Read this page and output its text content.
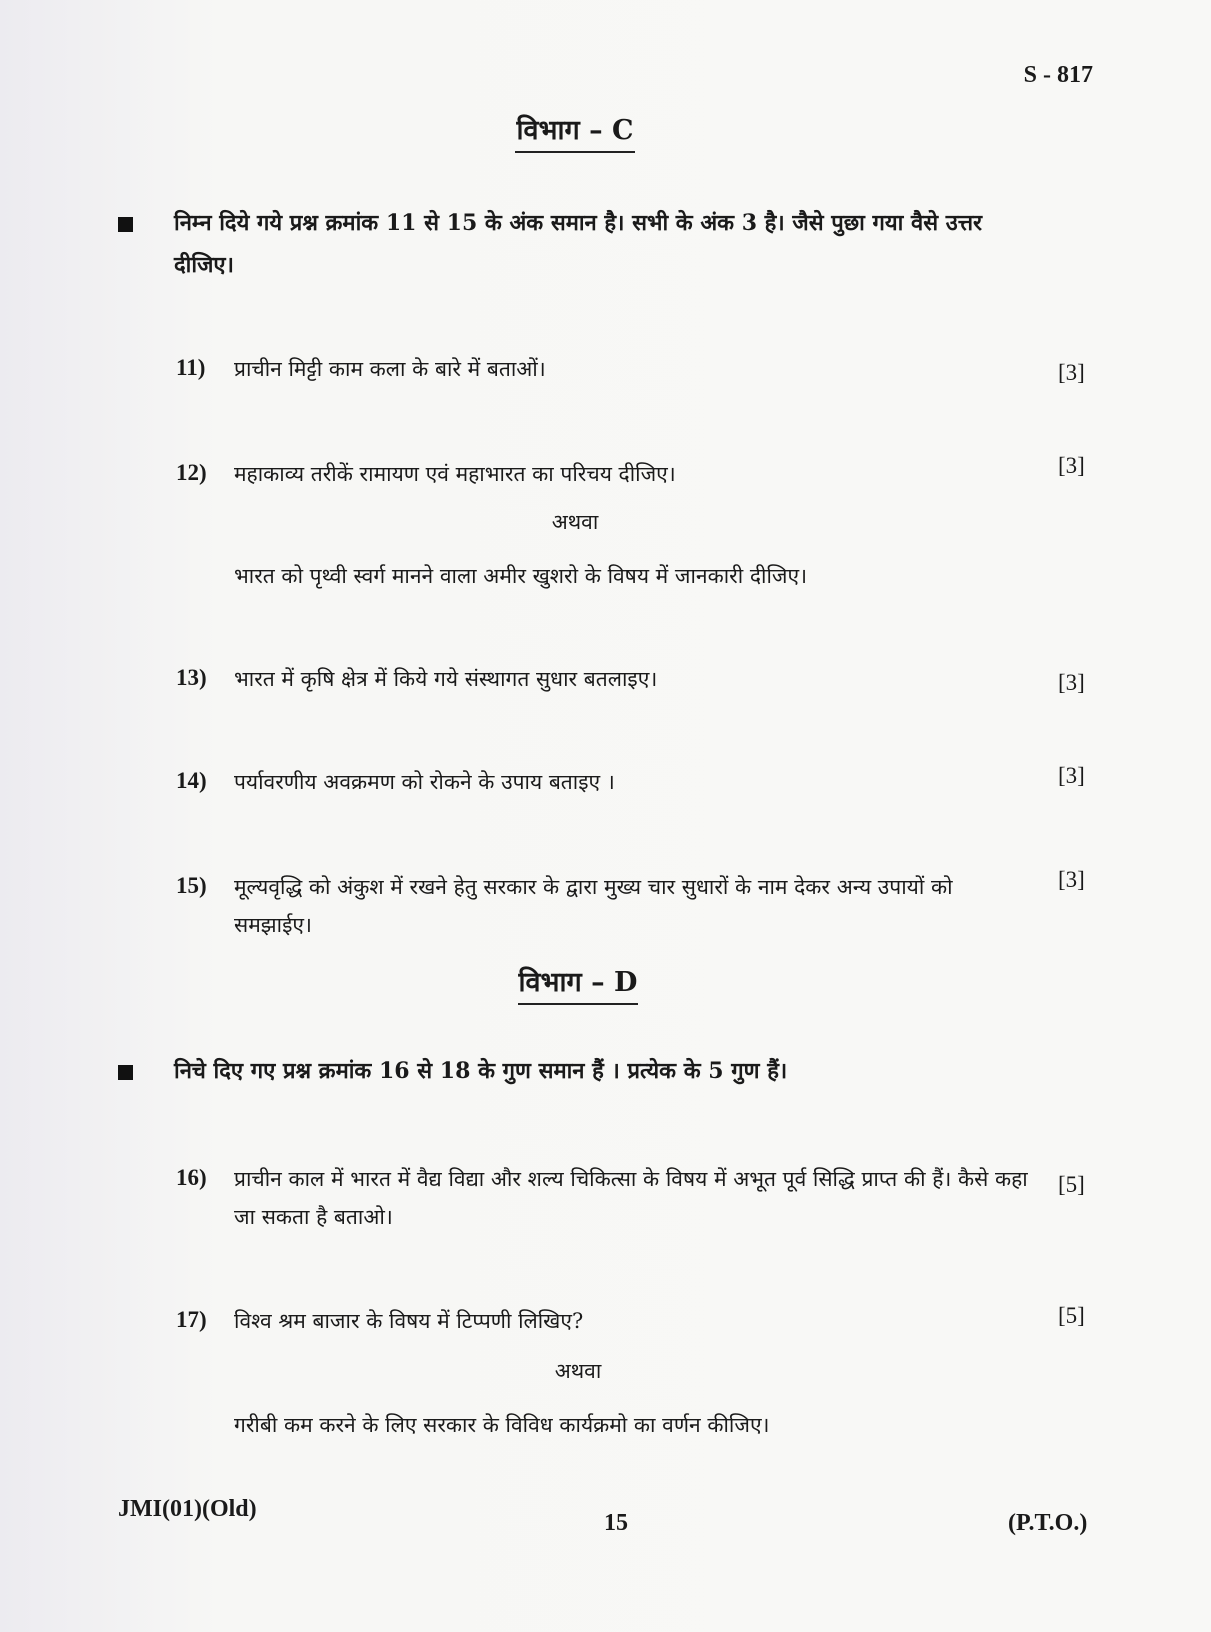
S - 817
विभाग – C
निम्न दिये गये प्रश्न क्रमांक 11 से 15 के अंक समान है। सभी के अंक 3 है। जैसे पुछा गया वैसे उत्तर दीजिए।
11) प्राचीन मिट्टी काम कला के बारे में बताओं।	[3]
12) महाकाव्य तरीकें रामायण एवं महाभारत का परिचय दीजिए।	[3]
अथवा
भारत को पृथ्वी स्वर्ग मानने वाला अमीर खुशरो के विषय में जानकारी दीजिए।
13) भारत में कृषि क्षेत्र में किये गये संस्थागत सुधार बतलाइए।	[3]
14) पर्यावरणीय अवक्रमण को रोकने के उपाय बताइए ।	[3]
15) मूल्यवृद्धि को अंकुश में रखने हेतु सरकार के द्वारा मुख्य चार सुधारों के नाम देकर अन्य उपायों को समझाईए।
[3]
विभाग – D
निचे दिए गए प्रश्न क्रमांक 16 से 18 के गुण समान हैं । प्रत्येक के 5 गुण हैं।
16) प्राचीन काल में भारत में वैद्य विद्या और शल्य चिकित्सा के विषय में अभूत पूर्व सिद्धि प्राप्त की हैं। कैसे कहा जा सकता है बताओ।
[5]
17) विश्व श्रम बाजार के विषय में टिप्पणी लिखिए?	[5]
अथवा
गरीबी कम करने के लिए सरकार के विविध कार्यक्रमो का वर्णन कीजिए।
JMI(01)(Old)
15	(P.T.O.)
